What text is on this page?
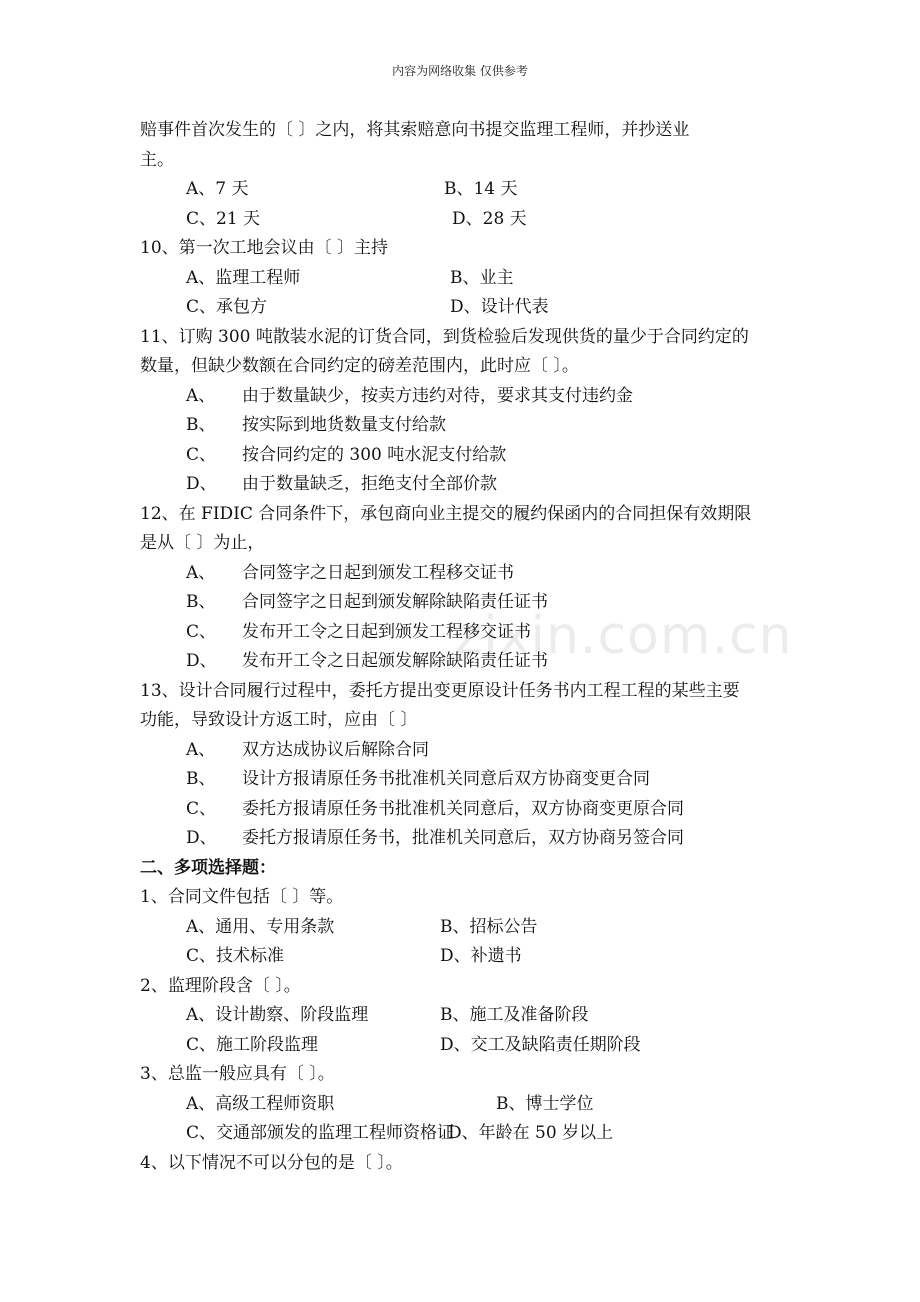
内容为网络收集 仅供参考
zixin.com.cn
赔事件首次发生的〔 〕之内，将其索赔意向书提交监理工程师，并抄送业
主。
A、7 天	B、14 天
C、21 天	D、28 天
10、第一次工地会议由〔 〕主持
A、监理工程师	B、业主
C、承包方	D、设计代表
11、订购 300 吨散装水泥的订货合同，到货检验后发现供货的量少于合同约定的
数量，但缺少数额在合同约定的磅差范围内，此时应〔 〕。
A、 由于数量缺少，按卖方违约对待，要求其支付违约金
B、 按实际到地货数量支付给款
C、 按合同约定的 300 吨水泥支付给款
D、 由于数量缺乏，拒绝支付全部价款
12、在 FIDIC 合同条件下，承包商向业主提交的履约保函内的合同担保有效期限
是从〔 〕为止，
A、 合同签字之日起到颁发工程移交证书
B、 合同签字之日起到颁发解除缺陷责任证书
C、 发布开工令之日起到颁发工程移交证书
D、 发布开工令之日起颁发解除缺陷责任证书
13、设计合同履行过程中，委托方提出变更原设计任务书内工程工程的某些主要
功能，导致设计方返工时，应由〔 〕
A、 双方达成协议后解除合同
B、 设计方报请原任务书批准机关同意后双方协商变更合同
C、 委托方报请原任务书批准机关同意后，双方协商变更原合同
D、 委托方报请原任务书，批准机关同意后，双方协商另签合同
二、多项选择题：
1、合同文件包括〔 〕等。
A、通用、专用条款	B、招标公告
C、技术标准	D、补遗书
2、监理阶段含〔 〕。
A、设计勘察、阶段监理	B、施工及准备阶段
C、施工阶段监理	D、交工及缺陷责任期阶段
3、总监一般应具有〔 〕。
A、高级工程师资职	B、博士学位
C、交通部颁发的监理工程师资格证
D、年龄在 50 岁以上
4、以下情况不可以分包的是〔 〕。
